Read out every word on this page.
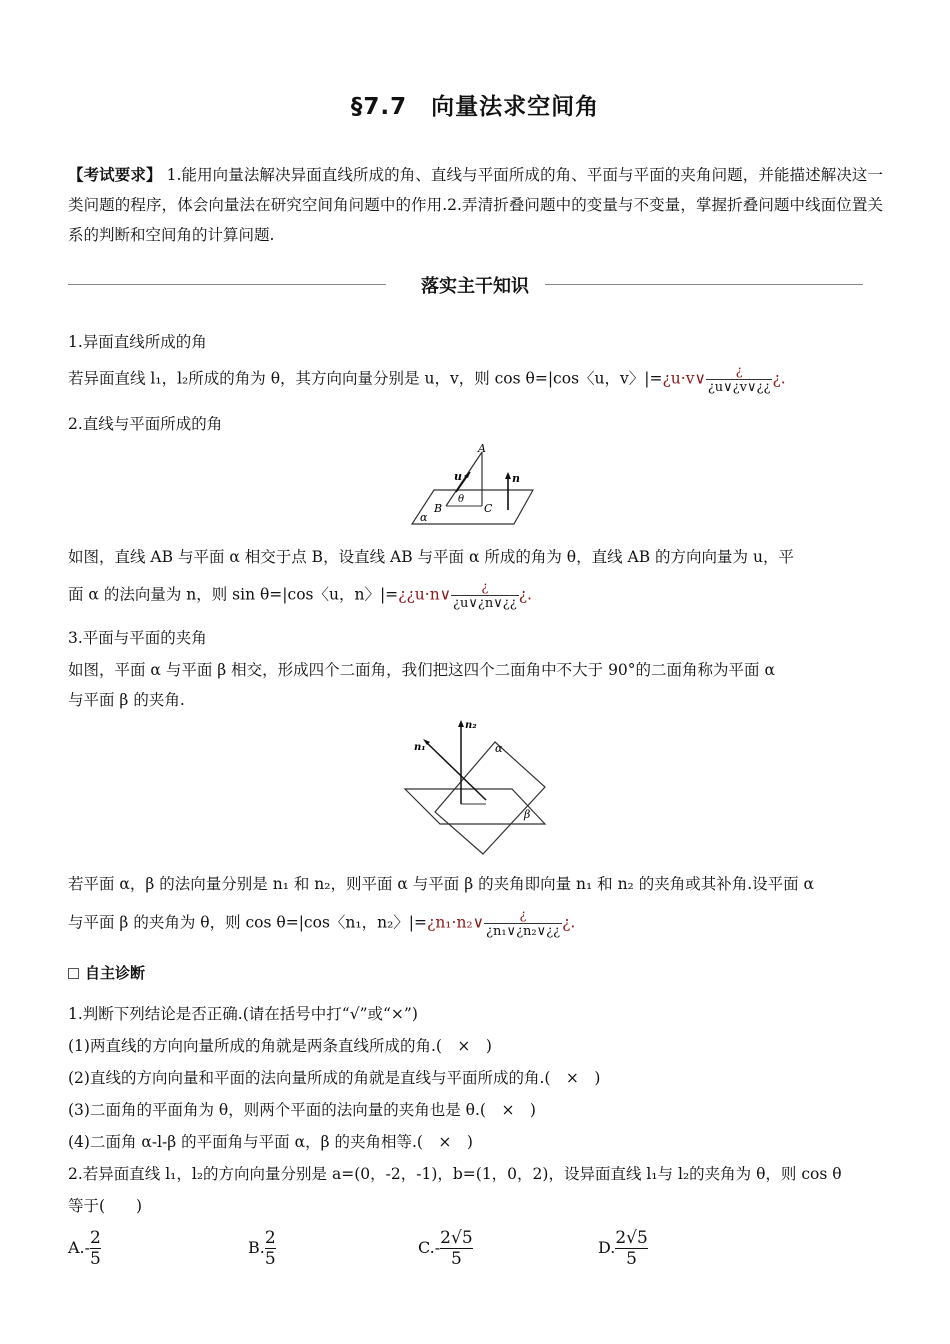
§7.7　向量法求空间角
【考试要求】 1.能用向量法解决异面直线所成的角、直线与平面所成的角、平面与平面的夹角问题，并能描述解决这一类问题的程序，体会向量法在研究空间角问题中的作用.2.弄清折叠问题中的变量与不变量，掌握折叠问题中线面位置关系的判断和空间角的计算问题.
落实主干知识
1.异面直线所成的角
若异面直线 l₁，l₂所成的角为 θ，其方向向量分别是 u，v，则 cos θ=|cos〈u，v〉|=¿u·v∨ $\frac{¿}{¿u\vee¿v\vee¿¿}$ ¿.
2.直线与平面所成的角
A
u	n
θ
B	C
α
如图，直线 AB 与平面 α 相交于点 B，设直线 AB 与平面 α 所成的角为 θ，直线 AB 的方向向量为 u，平
面 α 的法向量为 n，则 sin θ=|cos〈u，n〉|=¿¿u·n∨ $\frac{¿}{¿u\vee¿n\vee¿¿}$ ¿.
3.平面与平面的夹角
如图，平面 α 与平面 β 相交，形成四个二面角，我们把这四个二面角中不大于 90°的二面角称为平面 α
与平面 β 的夹角.
n₂
n₁	α
β
若平面 α，β 的法向量分别是 n₁ 和 n₂，则平面 α 与平面 β 的夹角即向量 n₁ 和 n₂ 的夹角或其补角.设平面 α
与平面 β 的夹角为 θ，则 cos θ=|cos〈n₁，n₂〉|=¿n₁·n₂∨ $\frac{¿}{\text{¿n₁∨¿n₂∨¿¿}}$ ¿.
自主诊断
1.判断下列结论是否正确.(请在括号中打“√”或“×”)
(1)两直线的方向向量所成的角就是两条直线所成的角.(　×　)
(2)直线的方向向量和平面的法向量所成的角就是直线与平面所成的角.(　×　)
(3)二面角的平面角为 θ，则两个平面的法向量的夹角也是 θ.(　×　)
(4)二面角 α-l-β 的平面角与平面 α，β 的夹角相等.(　×　)
2.若异面直线 l₁，l₂的方向向量分别是 a=(0，-2，-1)，b=(1，0，2)，设异面直线 l₁与 l₂的夹角为 θ，则 cos θ
等于(　　)
$A.- \frac{2}{5}$	B. $\frac{2}{5}$	$C.- \frac{2√5}{5}$	D. $\frac{2√5}{5}$
